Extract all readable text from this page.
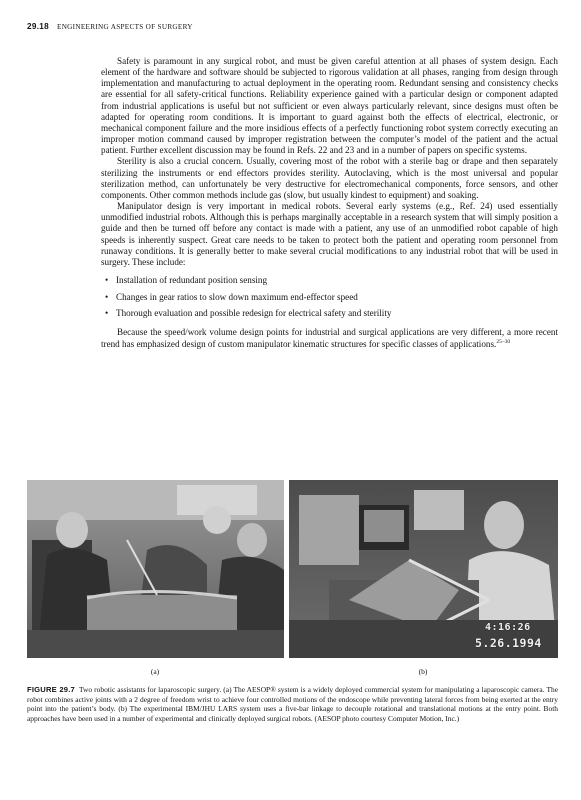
29.18 ENGINEERING ASPECTS OF SURGERY

Safety is paramount in any surgical robot, and must be given careful attention at all phases of system design. Each element of the hardware and software should be subjected to rigorous validation at all phases, ranging from design through implementation and manufacturing to actual deployment in the operating room. Redundant sensing and consistency checks are essential for all safety-critical functions. Reliability experience gained with a particular design or component adapted from industrial applications is useful but not sufficient or even always particularly relevant, since designs must often be adapted for operating room conditions. It is important to guard against both the effects of electrical, electronic, or mechanical component failure and the more insidious effects of a perfectly functioning robot system correctly executing an improper motion command caused by improper registration between the computer’s model of the patient and the actual patient. Further excellent discussion may be found in Refs. 22 and 23 and in a number of papers on specific systems.

Sterility is also a crucial concern. Usually, covering most of the robot with a sterile bag or drape and then separately sterilizing the instruments or end effectors provides sterility. Autoclaving, which is the most universal and popular sterilization method, can unfortunately be very destructive for electromechanical components, force sensors, and other components. Other common methods include gas (slow, but usually kindest to equipment) and soaking.

Manipulator design is very important in medical robots. Several early systems (e.g., Ref. 24) used essentially unmodified industrial robots. Although this is perhaps marginally acceptable in a research system that will simply position a guide and then be turned off before any contact is made with a patient, any use of an unmodified robot capable of high speeds is inherently suspect. Great care needs to be taken to protect both the patient and operating room personnel from runaway conditions. It is generally better to make several crucial modifications to any industrial robot that will be used in surgery. These include:

• Installation of redundant position sensing
• Changes in gear ratios to slow down maximum end-effector speed
• Thorough evaluation and possible redesign for electrical safety and sterility

Because the speed/work volume design points for industrial and surgical applications are very different, a more recent trend has emphasized design of custom manipulator kinematic structures for specific classes of applications.$^{25-30}$

4:16:26
5.26.1994
(a)	(b)
FIGURE 29.7 Two robotic assistants for laparoscopic surgery. (a) The AESOP® system is a widely deployed commercial system for manipulating a laparoscopic camera. The robot combines active joints with a 2 degree of freedom wrist to achieve four controlled motions of the endoscope while preventing lateral forces from being exerted at the entry point into the patient’s body. (b) The experimental IBM/JHU LARS system uses a five-bar linkage to decouple rotational and translational motions at the entry point. Both approaches have been used in a number of experimental and clinically deployed surgical robots. (AESOP photo courtesy Computer Motion, Inc.)
